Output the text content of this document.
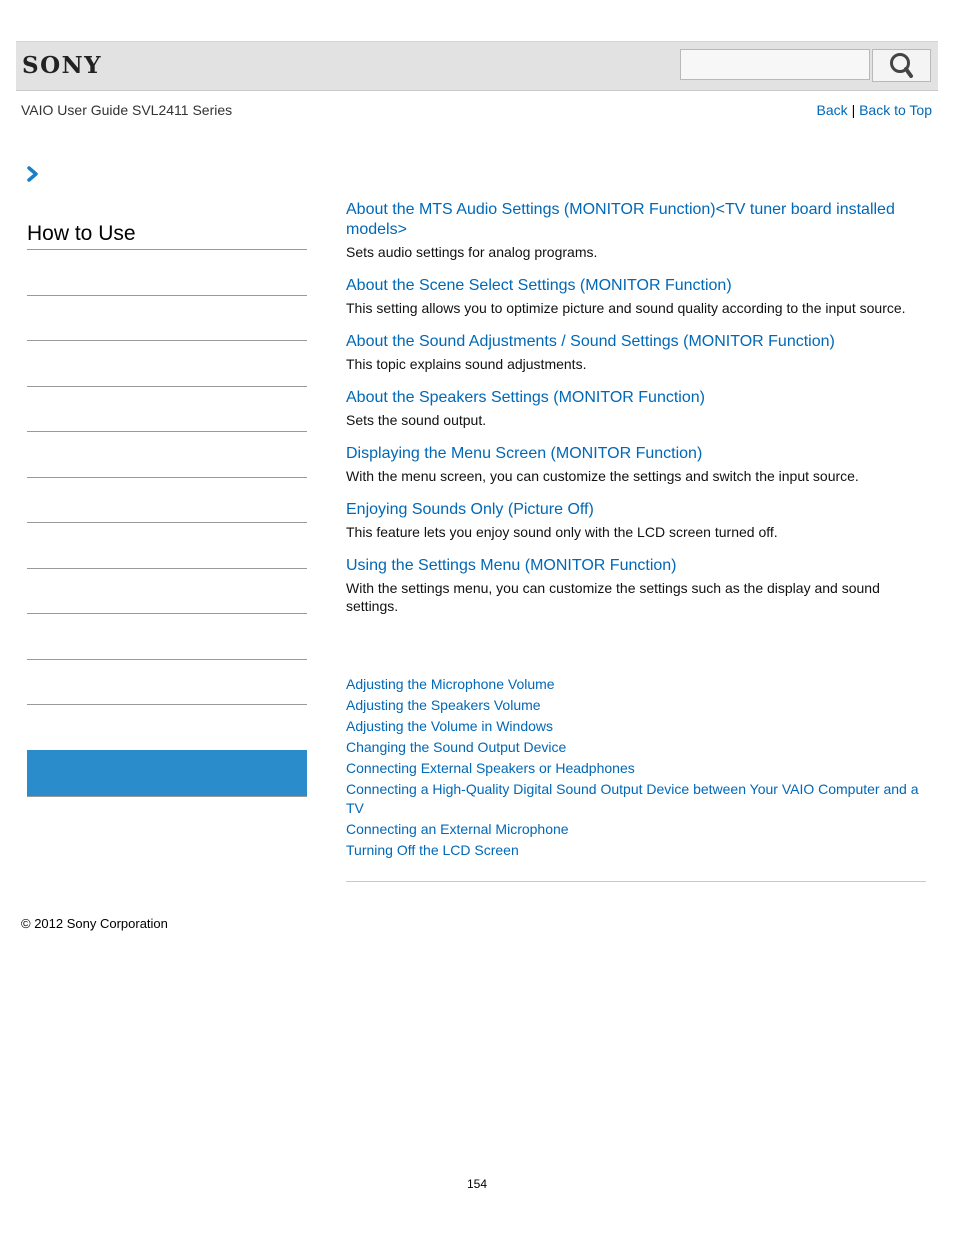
SONY
VAIO User Guide SVL2411 Series	Back | Back to Top
How to Use
About the MTS Audio Settings (MONITOR Function)<TV tuner board installed models>
Sets audio settings for analog programs.
About the Scene Select Settings (MONITOR Function)
This setting allows you to optimize picture and sound quality according to the input source.
About the Sound Adjustments / Sound Settings (MONITOR Function)
This topic explains sound adjustments.
About the Speakers Settings (MONITOR Function)
Sets the sound output.
Displaying the Menu Screen (MONITOR Function)
With the menu screen, you can customize the settings and switch the input source.
Enjoying Sounds Only (Picture Off)
This feature lets you enjoy sound only with the LCD screen turned off.
Using the Settings Menu (MONITOR Function)
With the settings menu, you can customize the settings such as the display and sound settings.
Adjusting the Microphone Volume
Adjusting the Speakers Volume
Adjusting the Volume in Windows
Changing the Sound Output Device
Connecting External Speakers or Headphones
Connecting a High-Quality Digital Sound Output Device between Your VAIO Computer and a TV
Connecting an External Microphone
Turning Off the LCD Screen
© 2012 Sony Corporation
154
